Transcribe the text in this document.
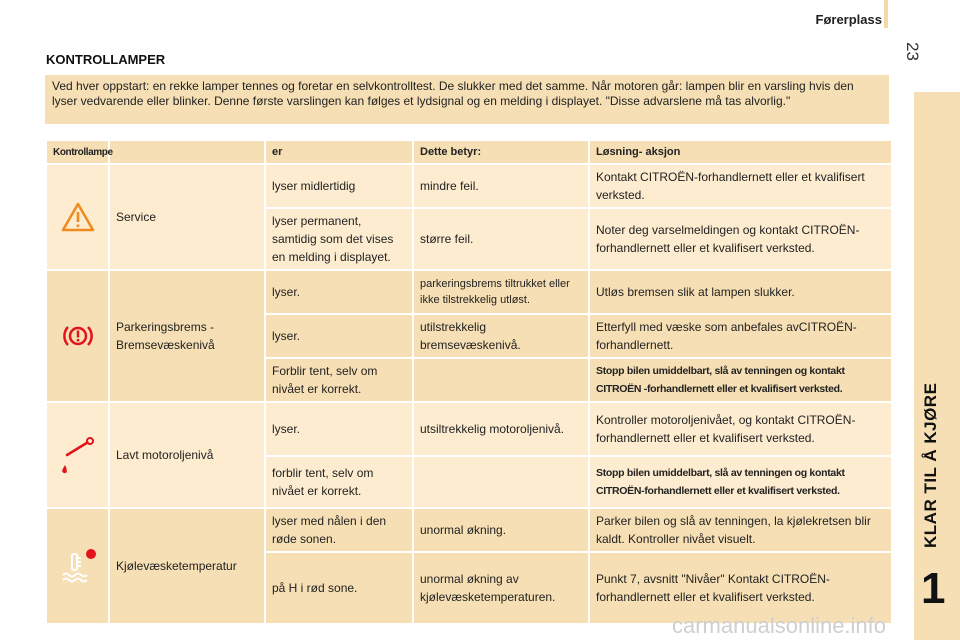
Førerplass
23
KLAR TIL Å KJØRE
1
KONTROLLAMPER
Ved hver oppstart: en rekke lamper tennes og foretar en selvkontrolltest. De slukker med det samme. Når motoren går: lampen blir en varsling hvis den lyser vedvarende eller blinker. Denne første varslingen kan følges et lydsignal og en melding i displayet. "Disse advarslene må tas alvorlig."
Kontrollampe		er	Dette betyr:	Løsning- aksjon

	Service	lyser midlertidig	mindre feil.	Kontakt CITROËN-forhandlernett eller et kvalifisert verksted.
		lyser permanent, samtidig som det vises en melding i displayet.	større feil.	Noter deg varselmeldingen og kontakt CITROËN-forhandlernett eller et kvalifisert verksted.

	Parkeringsbrems - Bremsevæskenivå	lyser.	parkeringsbrems tiltrukket eller ikke tilstrekkelig utløst.	Utløs bremsen slik at lampen slukker.
		lyser.	utilstrekkelig bremsevæskenivå.	Etterfyll med væske som anbefales avCITROËN-forhandlernett.
		Forblir tent, selv om nivået er korrekt.		Stopp bilen umiddelbart, slå av tenningen og kontakt CITROËN -forhandlernett eller et kvalifisert verksted.

	Lavt motoroljenivå	lyser.	utsiltrekkelig motoroljenivå.	Kontroller motoroljenivået, og kontakt CITROËN-forhandlernett eller et kvalifisert verksted.
		forblir tent, selv om nivået er korrekt.		Stopp bilen umiddelbart, slå av tenningen og kontakt CITROËN-forhandlernett eller et kvalifisert verksted.

	Kjølevæsketemperatur	lyser med nålen i den røde sonen.	unormal økning.	Parker bilen og slå av tenningen, la kjølekretsen blir kaldt. Kontroller nivået visuelt.
		på H i rød sone.	unormal økning av kjølevæsketemperaturen.	Punkt 7, avsnitt "Nivåer" Kontakt CITROËN-forhandlernett eller et kvalifisert verksted.
carmanualsonline.info
